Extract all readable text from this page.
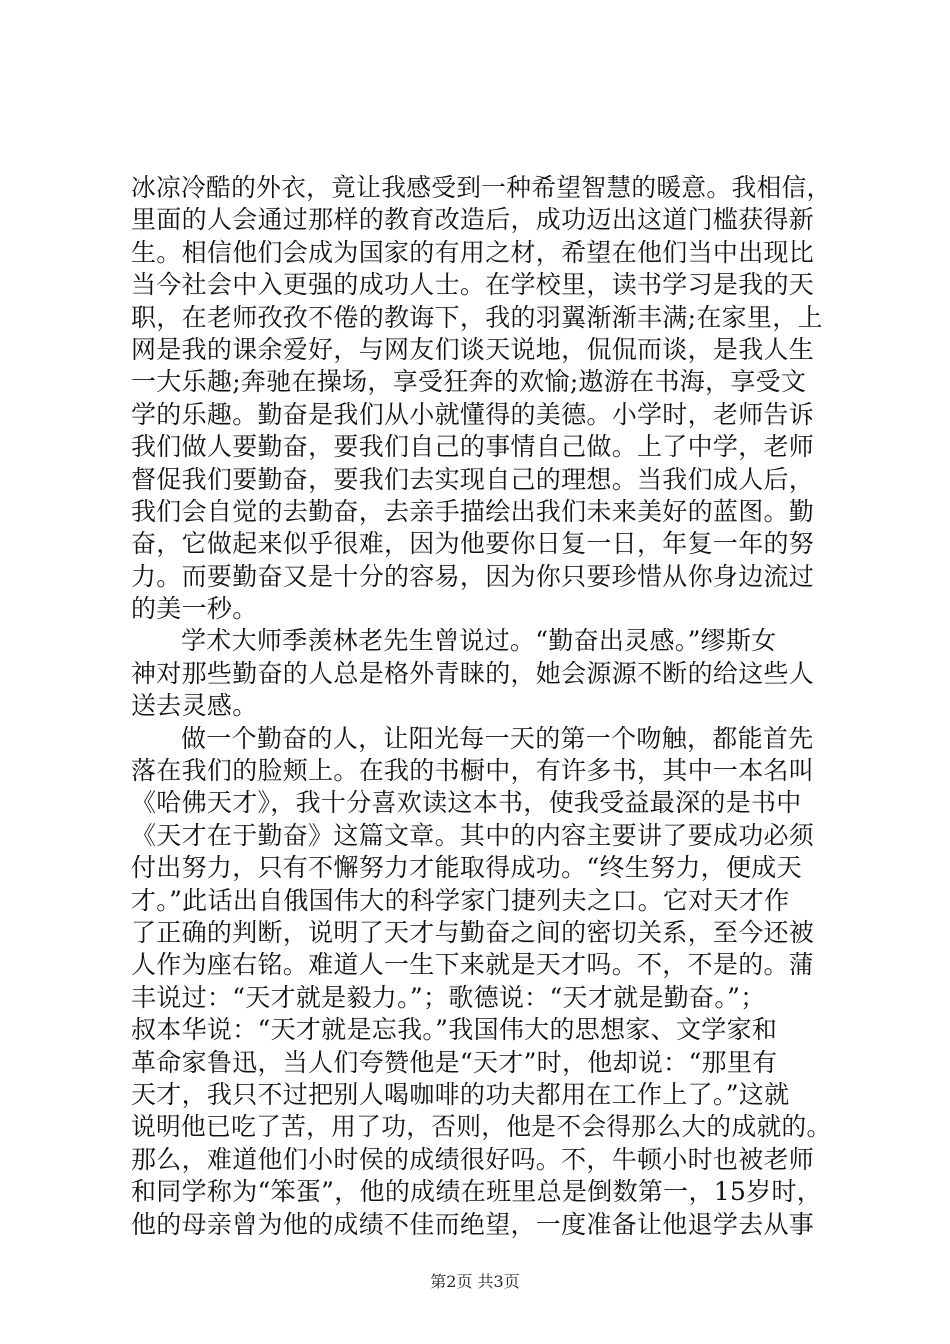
冰凉冷酷的外衣，竟让我感受到一种希望智慧的暖意。我相信，
里面的人会通过那样的教育改造后，成功迈出这道门槛获得新
生。相信他们会成为国家的有用之材，希望在他们当中出现比
当今社会中入更强的成功人士。在学校里，读书学习是我的天
职，在老师孜孜不倦的教诲下，我的羽翼渐渐丰满;在家里，上
网是我的课余爱好，与网友们谈天说地，侃侃而谈，是我人生
一大乐趣;奔驰在操场，享受狂奔的欢愉;遨游在书海，享受文
学的乐趣。勤奋是我们从小就懂得的美德。小学时，老师告诉
我们做人要勤奋，要我们自己的事情自己做。上了中学，老师
督促我们要勤奋，要我们去实现自己的理想。当我们成人后，
我们会自觉的去勤奋，去亲手描绘出我们未来美好的蓝图。勤
奋，它做起来似乎很难，因为他要你日复一日，年复一年的努
力。而要勤奋又是十分的容易，因为你只要珍惜从你身边流过
的美一秒。
学术大师季羡林老先生曾说过。“勤奋出灵感。”缪斯女
神对那些勤奋的人总是格外青睐的，她会源源不断的给这些人
送去灵感。
做一个勤奋的人，让阳光每一天的第一个吻触，都能首先
落在我们的脸颊上。在我的书橱中，有许多书，其中一本名叫
《哈佛天才》，我十分喜欢读这本书，使我受益最深的是书中
《天才在于勤奋》这篇文章。其中的内容主要讲了要成功必须
付出努力，只有不懈努力才能取得成功。“终生努力，便成天
才。”此话出自俄国伟大的科学家门捷列夫之口。它对天才作
了正确的判断，说明了天才与勤奋之间的密切关系，至今还被
人作为座右铭。难道人一生下来就是天才吗。不，不是的。蒲
丰说过：“天才就是毅力。”；歌德说：“天才就是勤奋。”；
叔本华说：“天才就是忘我。”我国伟大的思想家、文学家和
革命家鲁迅，当人们夸赞他是“天才”时，他却说：“那里有
天才，我只不过把别人喝咖啡的功夫都用在工作上了。”这就
说明他已吃了苦，用了功，否则，他是不会得那么大的成就的。
那么，难道他们小时侯的成绩很好吗。不，牛顿小时也被老师
和同学称为“笨蛋”，他的成绩在班里总是倒数第一，15岁时，
他的母亲曾为他的成绩不佳而绝望，一度准备让他退学去从事
第2页 共3页
